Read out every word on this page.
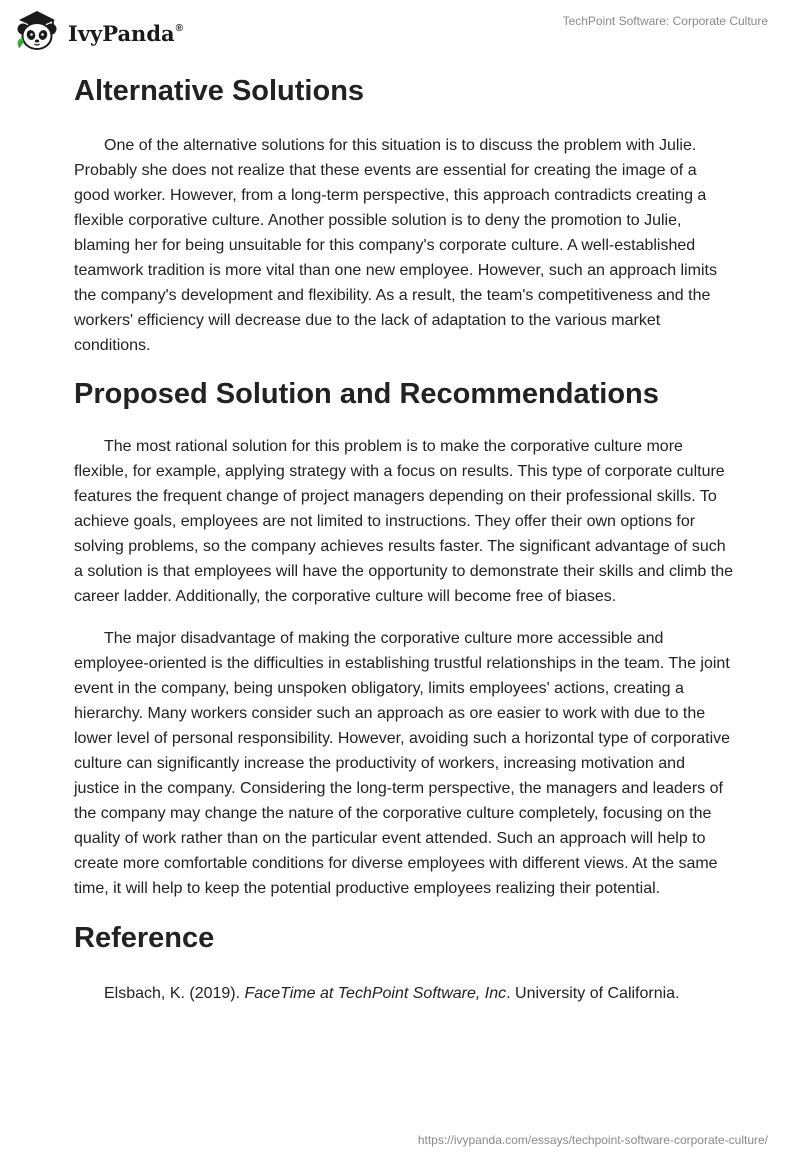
IvyPanda®	TechPoint Software: Corporate Culture
Alternative Solutions

One of the alternative solutions for this situation is to discuss the problem with Julie. Probably she does not realize that these events are essential for creating the image of a good worker. However, from a long-term perspective, this approach contradicts creating a flexible corporative culture. Another possible solution is to deny the promotion to Julie, blaming her for being unsuitable for this company's corporate culture. A well-established teamwork tradition is more vital than one new employee. However, such an approach limits the company's development and flexibility. As a result, the team's competitiveness and the workers' efficiency will decrease due to the lack of adaptation to the various market conditions.

Proposed Solution and Recommendations

The most rational solution for this problem is to make the corporative culture more flexible, for example, applying strategy with a focus on results. This type of corporate culture features the frequent change of project managers depending on their professional skills. To achieve goals, employees are not limited to instructions. They offer their own options for solving problems, so the company achieves results faster. The significant advantage of such a solution is that employees will have the opportunity to demonstrate their skills and climb the career ladder. Additionally, the corporative culture will become free of biases.

The major disadvantage of making the corporative culture more accessible and employee-oriented is the difficulties in establishing trustful relationships in the team. The joint event in the company, being unspoken obligatory, limits employees' actions, creating a hierarchy. Many workers consider such an approach as ore easier to work with due to the lower level of personal responsibility. However, avoiding such a horizontal type of corporative culture can significantly increase the productivity of workers, increasing motivation and justice in the company. Considering the long-term perspective, the managers and leaders of the company may change the nature of the corporative culture completely, focusing on the quality of work rather than on the particular event attended. Such an approach will help to create more comfortable conditions for diverse employees with different views. At the same time, it will help to keep the potential productive employees realizing their potential.

Reference

Elsbach, K. (2019). FaceTime at TechPoint Software, Inc. University of California.

https://ivypanda.com/essays/techpoint-software-corporate-culture/
